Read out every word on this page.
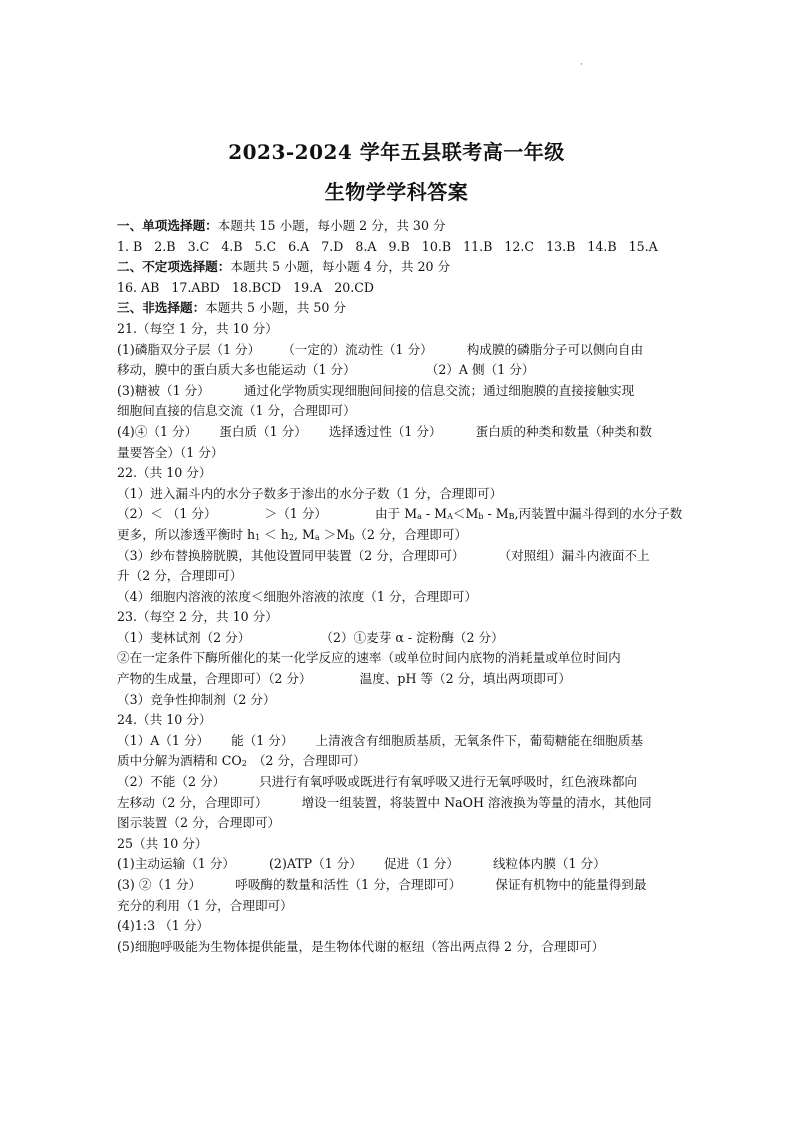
·
2023-2024 学年五县联考高一年级
生物学学科答案
一、单项选择题：本题共 15 小题，每小题 2 分，共 30 分
1. B   2.B   3.C   4.B   5.C   6.A   7.D   8.A   9.B   10.B   11.B   12.C   13.B   14.B   15.A
二、不定项选择题：本题共 5 小题，每小题 4 分，共 20 分
16. AB   17.ABD   18.BCD   19.A   20.CD
三、非选择题：本题共 5 小题，共 50 分
21.（每空 1 分，共 10 分）
(1)磷脂双分子层（1 分） （一定的）流动性（1 分）	构成膜的磷脂分子可以侧向自由
移动，膜中的蛋白质大多也能运动（1 分）	（2）A 侧（1 分）
(3)糖被（1 分）	通过化学物质实现细胞间间接的信息交流；通过细胞膜的直接接触实现
细胞间直接的信息交流（1 分，合理即可）
(4)④（1 分） 蛋白质（1 分） 选择透过性（1 分）	蛋白质的种类和数量（种类和数
量要答全）（1 分）
22.（共 10 分）
（1）进入漏斗内的水分子数多于渗出的水分子数（1 分，合理即可）
（2）＜ （1 分）	＞（1 分）	由于 $M_a - M_A<M_b - M_B$,丙装置中漏斗得到的水分子数
更多，所以渗透平衡时 $h_1 < h_2$, $M_a >M_b(2$ 分，合理即可）
（3）纱布替换膀胱膜，其他设置同甲装置（2 分，合理即可）	（对照组）漏斗内液面不上
升（2 分，合理即可）
（4）细胞内溶液的浓度＜细胞外溶液的浓度（1 分，合理即可）
23.（每空 2 分，共 10 分）
（1）斐林试剂（2 分）	（2）①麦芽 α - 淀粉酶（2 分）
②在一定条件下酶所催化的某一化学反应的速率（或单位时间内底物的消耗量或单位时间内
产物的生成量，合理即可）（2 分）	温度、pH 等（2 分，填出两项即可）
（3）竞争性抑制剂（2 分）
24.（共 10 分）
（1）A（1 分） 能（1 分） 上清液含有细胞质基质，无氧条件下，葡萄糖能在细胞质基
质中分解为酒精和 $CO_2$ （2 分，合理即可）
（2）不能（2 分）	只进行有氧呼吸或既进行有氧呼吸又进行无氧呼吸时，红色液珠都向
左移动（2 分，合理即可）	增设一组装置，将装置中 NaOH 溶液换为等量的清水，其他同
图示装置（2 分，合理即可）
25（共 10 分）
(1)主动运输（1 分）	(2)ATP（1 分） 促进（1 分）	线粒体内膜（1 分）
(3) ②（1 分）	呼吸酶的数量和活性（1 分，合理即可）	保证有机物中的能量得到最
充分的利用（1 分，合理即可）
(4)1:3 （1 分）
(5)细胞呼吸能为生物体提供能量，是生物体代谢的枢纽（答出两点得 2 分，合理即可）
